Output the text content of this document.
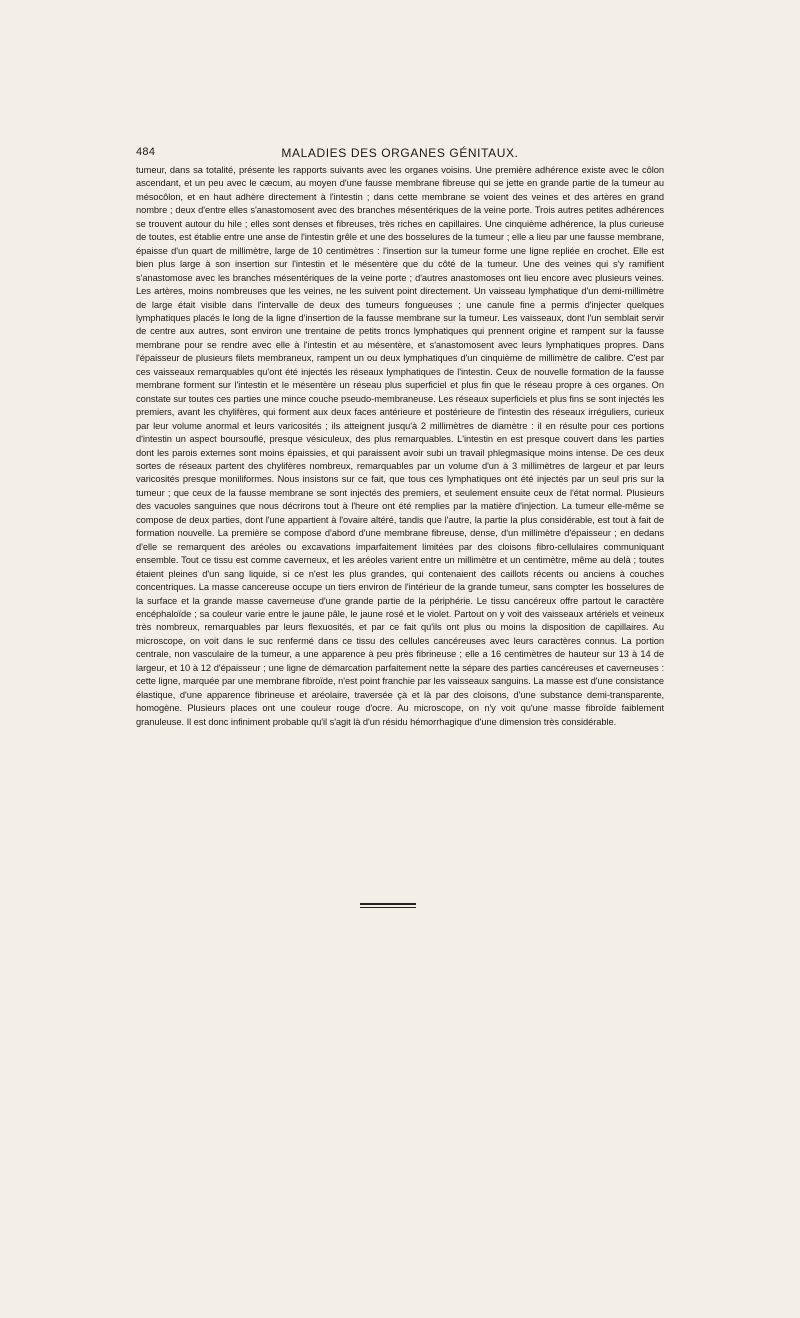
484	MALADIES DES ORGANES GÉNITAUX.

tumeur, dans sa totalité, présente les rapports suivants avec les organes voisins. Une première adhérence existe avec le côlon ascendant, et un peu avec le cæcum, au moyen d'une fausse membrane fibreuse qui se jette en grande partie de la tumeur au mésocôlon, et en haut adhère directement à l'intestin ; dans cette membrane se voient des veines et des artères en grand nombre ; deux d'entre elles s'anastomosent avec des branches mésentériques de la veine porte. Trois autres petites adhérences se trouvent autour du hile ; elles sont denses et fibreuses, très riches en capillaires. Une cinquième adhérence, la plus curieuse de toutes, est établie entre une anse de l'intestin grêle et une des bosselures de la tumeur ; elle a lieu par une fausse membrane, épaisse d'un quart de millimètre, large de 10 centimètres : l'insertion sur la tumeur forme une ligne repliée en crochet. Elle est bien plus large à son insertion sur l'intestin et le mésentère que du côté de la tumeur. Une des veines qui s'y ramifient s'anastomose avec les branches mésentériques de la veine porte ; d'autres anastomoses ont lieu encore avec plusieurs veines. Les artères, moins nombreuses que les veines, ne les suivent point directement. Un vaisseau lymphatique d'un demi-millimètre de large était visible dans l'intervalle de deux des tumeurs fongueuses ; une canule fine a permis d'injecter quelques lymphatiques placés le long de la ligne d'insertion de la fausse membrane sur la tumeur. Les vaisseaux, dont l'un semblait servir de centre aux autres, sont environ une trentaine de petits troncs lymphatiques qui prennent origine et rampent sur la fausse membrane pour se rendre avec elle à l'intestin et au mésentère, et s'anastomosent avec leurs lymphatiques propres. Dans l'épaisseur de plusieurs filets membraneux, rampent un ou deux lymphatiques d'un cinquième de millimètre de calibre. C'est par ces vaisseaux remarquables qu'ont été injectés les réseaux lymphatiques de l'intestin. Ceux de nouvelle formation de la fausse membrane forment sur l'intestin et le mésentère un réseau plus superficiel et plus fin que le réseau propre à ces organes. On constate sur toutes ces parties une mince couche pseudo-membraneuse. Les réseaux superficiels et plus fins se sont injectés les premiers, avant les chylifères, qui forment aux deux faces antérieure et postérieure de l'intestin des réseaux irréguliers, curieux par leur volume anormal et leurs varicosités ; ils atteignent jusqu'à 2 millimètres de diamètre : il en résulte pour ces portions d'intestin un aspect boursouflé, presque vésiculeux, des plus remarquables. L'intestin en est presque couvert dans les parties dont les parois externes sont moins épaissies, et qui paraissent avoir subi un travail phlegmasique moins intense. De ces deux sortes de réseaux partent des chylifères nombreux, remarquables par un volume d'un à 3 millimètres de largeur et par leurs varicosités presque moniliformes. Nous insistons sur ce fait, que tous ces lymphatiques ont été injectés par un seul pris sur la tumeur ; que ceux de la fausse membrane se sont injectés des premiers, et seulement ensuite ceux de l'état normal. Plusieurs des vacuoles sanguines que nous décrirons tout à l'heure ont été remplies par la matière d'injection. La tumeur elle-même se compose de deux parties, dont l'une appartient à l'ovaire altéré, tandis que l'autre, la partie la plus considérable, est tout à fait de formation nouvelle. La première se compose d'abord d'une membrane fibreuse, dense, d'un millimètre d'épaisseur ; en dedans d'elle se remarquent des aréoles ou excavations imparfaitement limitées par des cloisons fibro-cellulaires communiquant ensemble. Tout ce tissu est comme caverneux, et les aréoles varient entre un millimètre et un centimètre, même au delà ; toutes étaient pleines d'un sang liquide, si ce n'est les plus grandes, qui contenaient des caillots récents ou anciens à couches concentriques. La masse cancereuse occupe un tiers environ de l'intérieur de la grande tumeur, sans compter les bosselures de la surface et la grande masse caverneuse d'une grande partie de la périphérie. Le tissu cancéreux offre partout le caractère encéphaloïde ; sa couleur varie entre le jaune pâle, le jaune rosé et le violet. Partout on y voit des vaisseaux artériels et veineux très nombreux, remarquables par leurs flexuosités, et par ce fait qu'ils ont plus ou moins la disposition de capillaires. Au microscope, on voit dans le suc renfermé dans ce tissu des cellules cancéreuses avec leurs caractères connus. La portion centrale, non vasculaire de la tumeur, a une apparence à peu près fibrineuse ; elle a 16 centimètres de hauteur sur 13 à 14 de largeur, et 10 à 12 d'épaisseur ; une ligne de démarcation parfaitement nette la sépare des parties cancéreuses et caverneuses : cette ligne, marquée par une membrane fibroïde, n'est point franchie par les vaisseaux sanguins. La masse est d'une consistance élastique, d'une apparence fibrineuse et aréolaire, traversée çà et là par des cloisons, d'une substance demi-transparente, homogène. Plusieurs places ont une couleur rouge d'ocre. Au microscope, on n'y voit qu'une masse fibroïde faiblement granuleuse. Il est donc infiniment probable qu'il s'agit là d'un résidu hémorrhagique d'une dimension très considérable.
